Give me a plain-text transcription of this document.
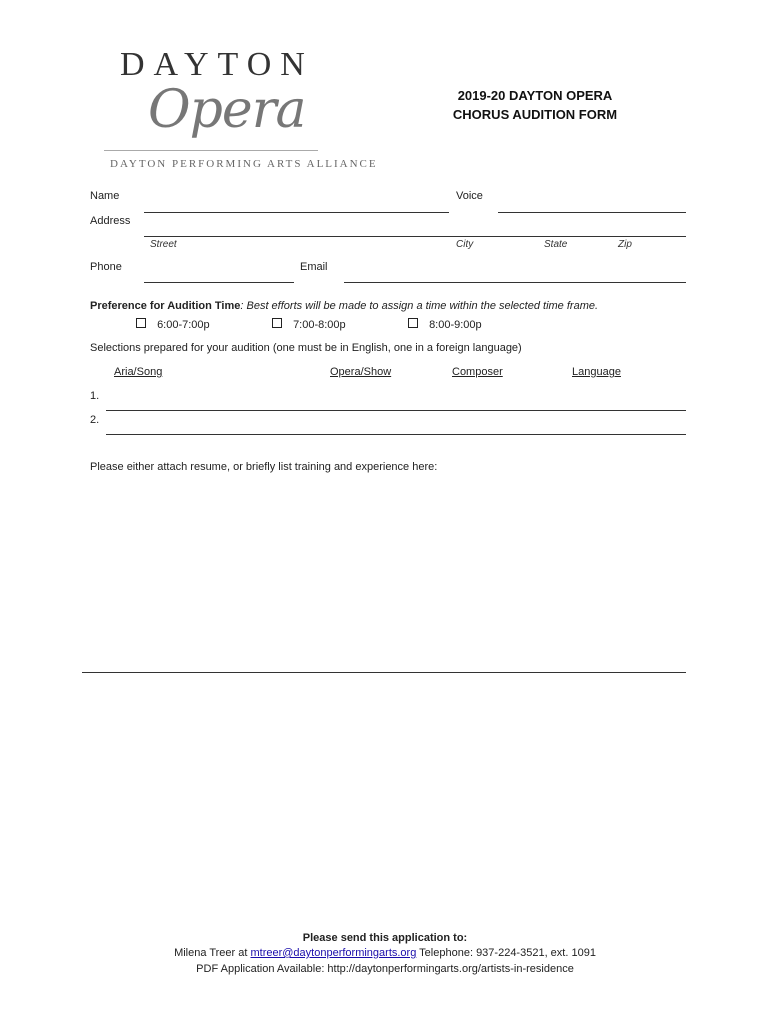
DAYTON
Opera
DAYTON PERFORMING ARTS ALLIANCE
2019-20 DAYTON OPERA
CHORUS AUDITION FORM
Name	Voice
Address
Street	City	State	Zip
Phone	Email
Preference for Audition Time: Best efforts will be made to assign a time within the selected time frame.
6:00-7:00p	7:00-8:00p	8:00-9:00p
Selections prepared for your audition (one must be in English, one in a foreign language)
Aria/Song	Opera/Show	Composer	Language
1.
2.
Please either attach resume, or briefly list training and experience here:
Please send this application to:
Milena Treer at mtreer@daytonperformingarts.org Telephone: 937-224-3521, ext. 1091
PDF Application Available: http://daytonperformingarts.org/artists-in-residence
